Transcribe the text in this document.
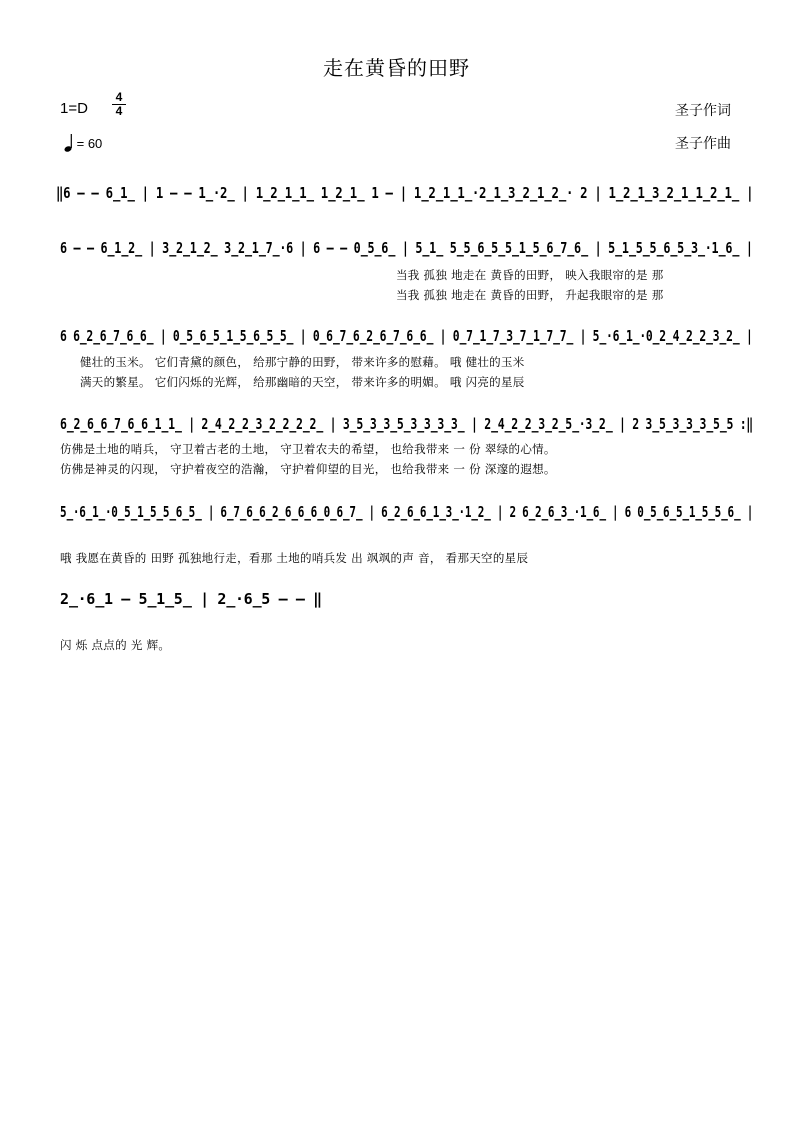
走在黄昏的田野
1=D
4
4
= 60
圣子作词
圣子作曲
‖6 – – 6̲1̲ | 1 – – 1̲·2̲ | 1̲2̲1̲1̲ 1̲2̲1̲ 1 – | 1̲2̲1̲1̲·2̲1̲3̲2̲1̲2̲· 2 | 1̲2̲1̲3̲2̲1̲1̲2̲1̲ |
6 – – 6̲1̲2̲ | 3̲2̲1̲2̲ 3̲2̲1̲7̲·6 | 6 – – 0̲5̲6̲ | 5̲1̲ 5̲5̲6̲5̲5̲1̲5̲6̲7̲6̲ | 5̲1̲5̲5̲6̲5̲3̲·1̲6̲ |
当我 孤独 地走在 黄昏的田野， 映入我眼帘的是 那
当我 孤独 地走在 黄昏的田野， 升起我眼帘的是 那
6 6̲2̲6̲7̲6̲6̲ | 0̲5̲6̲5̲1̲5̲6̲5̲5̲ | 0̲6̲7̲6̲2̲6̲7̲6̲6̲ | 0̲7̲1̲7̲3̲7̲1̲7̲7̲ | 5̲·6̲1̲·0̲2̲4̲2̲2̲3̲2̲ |
健壮的玉米。 它们青黛的颜色， 给那宁静的田野， 带来许多的慰藉。 哦 健壮的玉米
满天的繁星。 它们闪烁的光辉， 给那幽暗的天空， 带来许多的明媚。 哦 闪亮的星辰
6̲2̲6̲6̲7̲6̲6̲1̲1̲ | 2̲4̲2̲2̲3̲2̲2̲2̲2̲ | 3̲5̲3̲3̲5̲3̲3̲3̲3̲ | 2̲4̲2̲2̲3̲2̲5̲·3̲2̲ | 2 3̲5̲3̲3̲3̲5̲5 :‖
仿佛是土地的哨兵， 守卫着古老的土地， 守卫着农夫的希望， 也给我带来 一 份 翠绿的心情。
仿佛是神灵的闪现， 守护着夜空的浩瀚， 守护着仰望的目光， 也给我带来 一 份 深邃的遐想。
5̲·6̲1̲·0̲5̲1̲5̲5̲6̲5̲ | 6̲7̲6̲6̲2̲6̲6̲6̲0̲6̲7̲ | 6̲2̲6̲6̲1̲3̲·1̲2̲ | 2 6̲2̲6̲3̲·1̲6̲ | 6 0̲5̲6̲5̲1̲5̲5̲6̲ |
哦 我愿在黄昏的 田野 孤独地行走，看那 土地的哨兵发 出 飒飒的声 音， 看那天空的星辰
2̲·6̲1 – 5̲1̲5̲ | 2̲·6̲5 – – ‖
闪 烁 点点的 光 辉。
